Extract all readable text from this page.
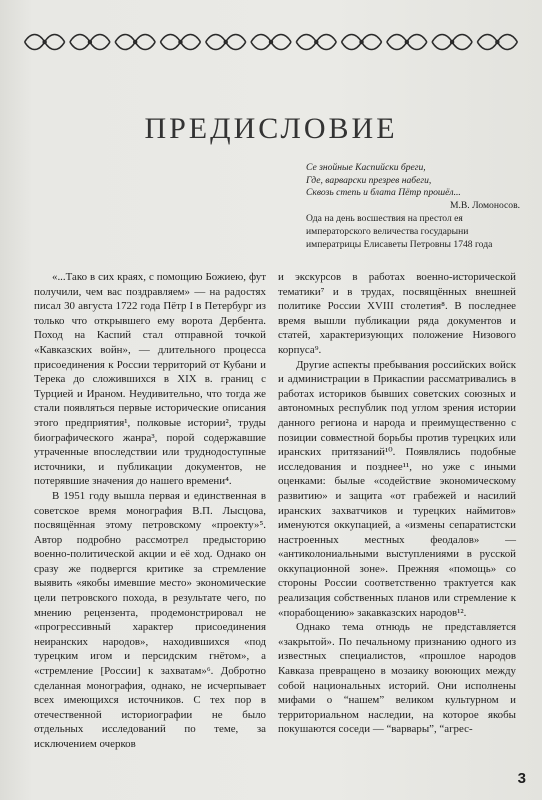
ПРЕДИСЛОВИЕ
Се знойные Каспийски бреги,
Где, варварски презрев набеги,
Сквозь степь и блата Пётр прошёл...
М.В. Ломоносов.
Ода на день восшествия на престол ея императорского величества государыни императрицы Елисаветы Петровны 1748 года

«...Тако в сих краях, с помощию Божиею, фут получили, чем вас поздравляем» — на радостях писал 30 августа 1722 года Пётр I в Петербург из только что открывшего ему ворота Дербента. Поход на Каспий стал отправной точкой «Кавказских войн», — длительного процесса присоединения к России территорий от Кубани и Терека до сложившихся в XIX в. границ с Турцией и Ираном. Неудивительно, что тогда же стали появляться первые исторические описания этого предприятия¹, полковые истории², труды биографического жанра³, порой содержавшие утраченные впоследствии или труднодоступные источники, и публикации документов, не потерявшие значения до нашего времени⁴.

В 1951 году вышла первая и единственная в советское время монография В.П. Лысцова, посвящённая этому петровскому «проекту»⁵. Автор подробно рассмотрел предысторию военно-политической акции и её ход. Однако он сразу же подвергся критике за стремление выявить «якобы имевшие место» экономические цели петровского похода, в результате чего, по мнению рецензента, продемонстрировал не «прогрессивный характер присоединения неиранских народов», находившихся «под турецким игом и персидским гнётом», а «стремление [России] к захватам»⁶. Добротно сделанная монография, однако, не исчерпывает всех имеющихся источников. С тех пор в отечественной историографии не было отдельных исследований по теме, за исключением очерков

и экскурсов в работах военно-исторической тематики⁷ и в трудах, посвящённых внешней политике России XVIII столетия⁸. В последнее время вышли публикации ряда документов и статей, характеризующих положение Низового корпуса⁹.

Другие аспекты пребывания российских войск и администрации в Прикаспии рассматривались в работах историков бывших советских союзных и автономных республик под углом зрения истории данного региона и народа и преимущественно с позиции совместной борьбы против турецких или иранских притязаний¹⁰. Появлялись подобные исследования и позднее¹¹, но уже с иными оценками: былые «содействие экономическому развитию» и защита «от грабежей и насилий иранских захватчиков и турецких наймитов» именуются оккупацией, а «измены сепаратистски настроенных местных феодалов» — «антиколониальными выступлениями в русской оккупационной зоне». Прежняя «помощь» со стороны России соответственно трактуется как реализация собственных планов или стремление к «порабощению» закавказских народов¹².

Однако тема отнюдь не представляется «закрытой». По печальному признанию одного из известных специалистов, «прошлое народов Кавказа превращено в мозаику воюющих между собой национальных историй. Они исполнены мифами о “нашем” великом культурном и территориальном наследии, на которое якобы покушаются соседи — “варвары”, “агрес-

3
